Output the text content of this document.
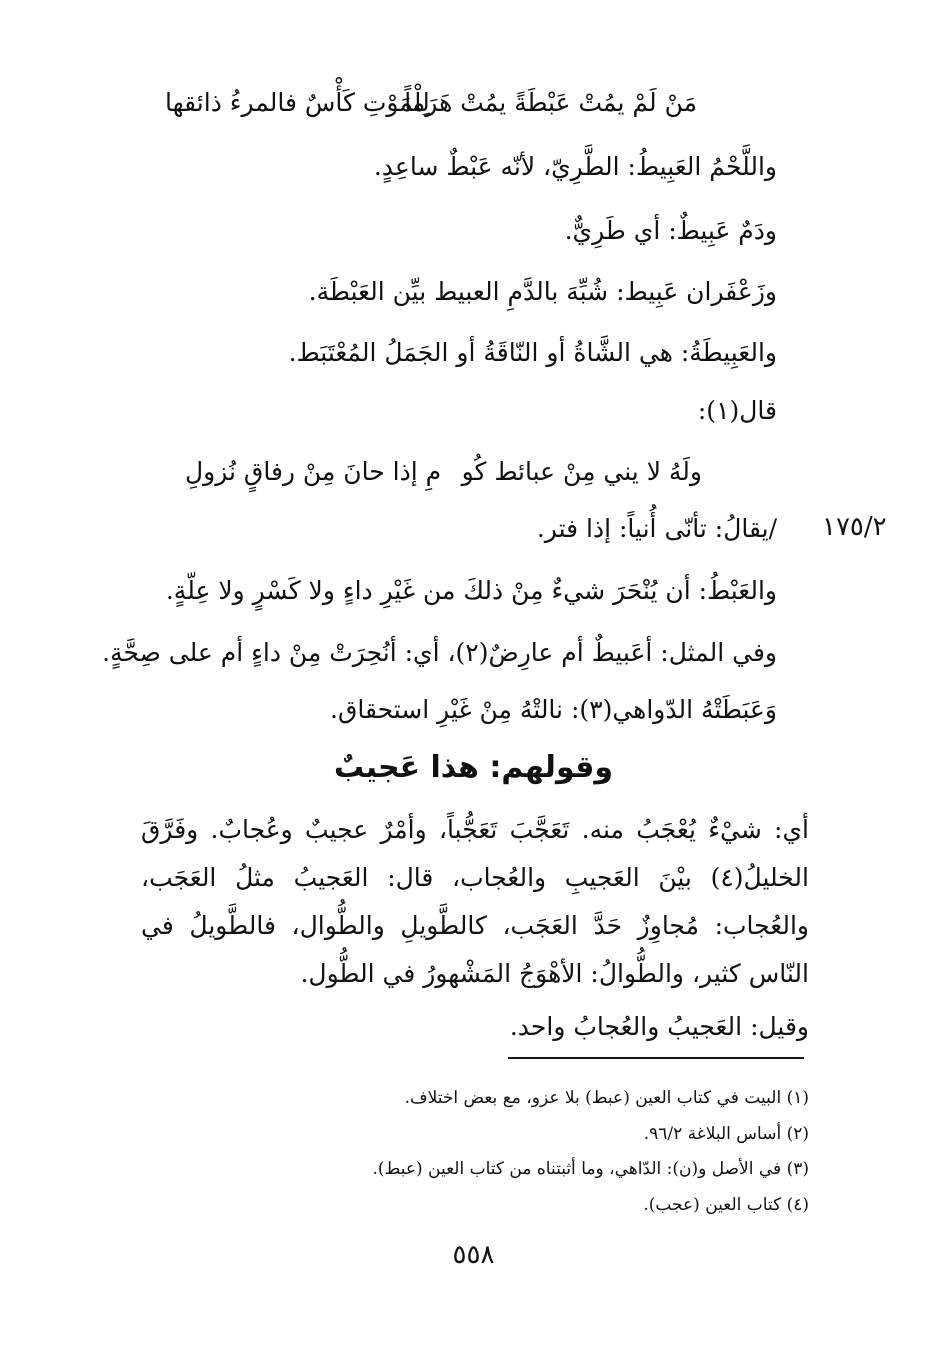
مَنْ لَمْ يمُتْ عَبْطَةً يمُتْ هَرَماً
لِلْمَوْتِ كَأْسٌ فالمرءُ ذائقها
واللَّحْمُ العَبِيطُ: الطَّرِيّ، لأنّه عَبْطٌ ساعِدٍ.
ودَمٌ عَبِيطٌ: أي طَرِيٌّ.
وزَعْفَران عَبِيط: شُبِّهَ بالدَّمِ العبيط بيِّن العَبْطَة.
والعَبِيطَةُ: هي الشَّاةُ أو النّاقَةُ أو الجَمَلُ المُعْتَبَط.
قال(١):
ولَهُ لا يني مِنْ عبائط كُو
مِ إذا حانَ مِنْ رفاقٍ نُزولِ
١٧٥/٢
/يقالُ: تأنّى أُنياً: إذا فتر.
والعَبْطُ: أن يُنْحَرَ شيءٌ مِنْ ذلكَ من غَيْرِ داءٍ ولا كَسْرٍ ولا عِلّةٍ.
وفي المثل: أعَبيطٌ أم عارِضٌ(٢)، أي: أنُحِرَتْ مِنْ داءٍ أم على صِحَّةٍ.
وَعَبَطَتْهُ الدّواهي(٣): نالتْهُ مِنْ غَيْرِ استحقاق.
وقولهم: هذا عَجيبٌ
أي: شيْءٌ يُعْجَبُ منه. تَعَجَّبَ تَعَجُّباً، وأمْرٌ عجيبٌ وعُجابٌ. وفَرَّقَ الخليلُ(٤) بيْنَ العَجيبِ والعُجاب، قال: العَجيبُ مثلُ العَجَب، والعُجاب: مُجاوِزٌ حَدَّ العَجَب، كالطَّويلِ والطُّوال، فالطَّويلُ في النّاس كثير، والطُّوالُ: الأهْوَجُ المَشْهورُ في الطُّول.
وقيل: العَجيبُ والعُجابُ واحد.
(١) البيت في كتاب العين (عبط) بلا عزو، مع بعض اختلاف.
(٢) أساس البلاغة ٩٦/٢.
(٣) في الأصل و(ن): الدّاهي، وما أثبتناه من كتاب العين (عبط).
(٤) كتاب العين (عجب).
٥٥٨
